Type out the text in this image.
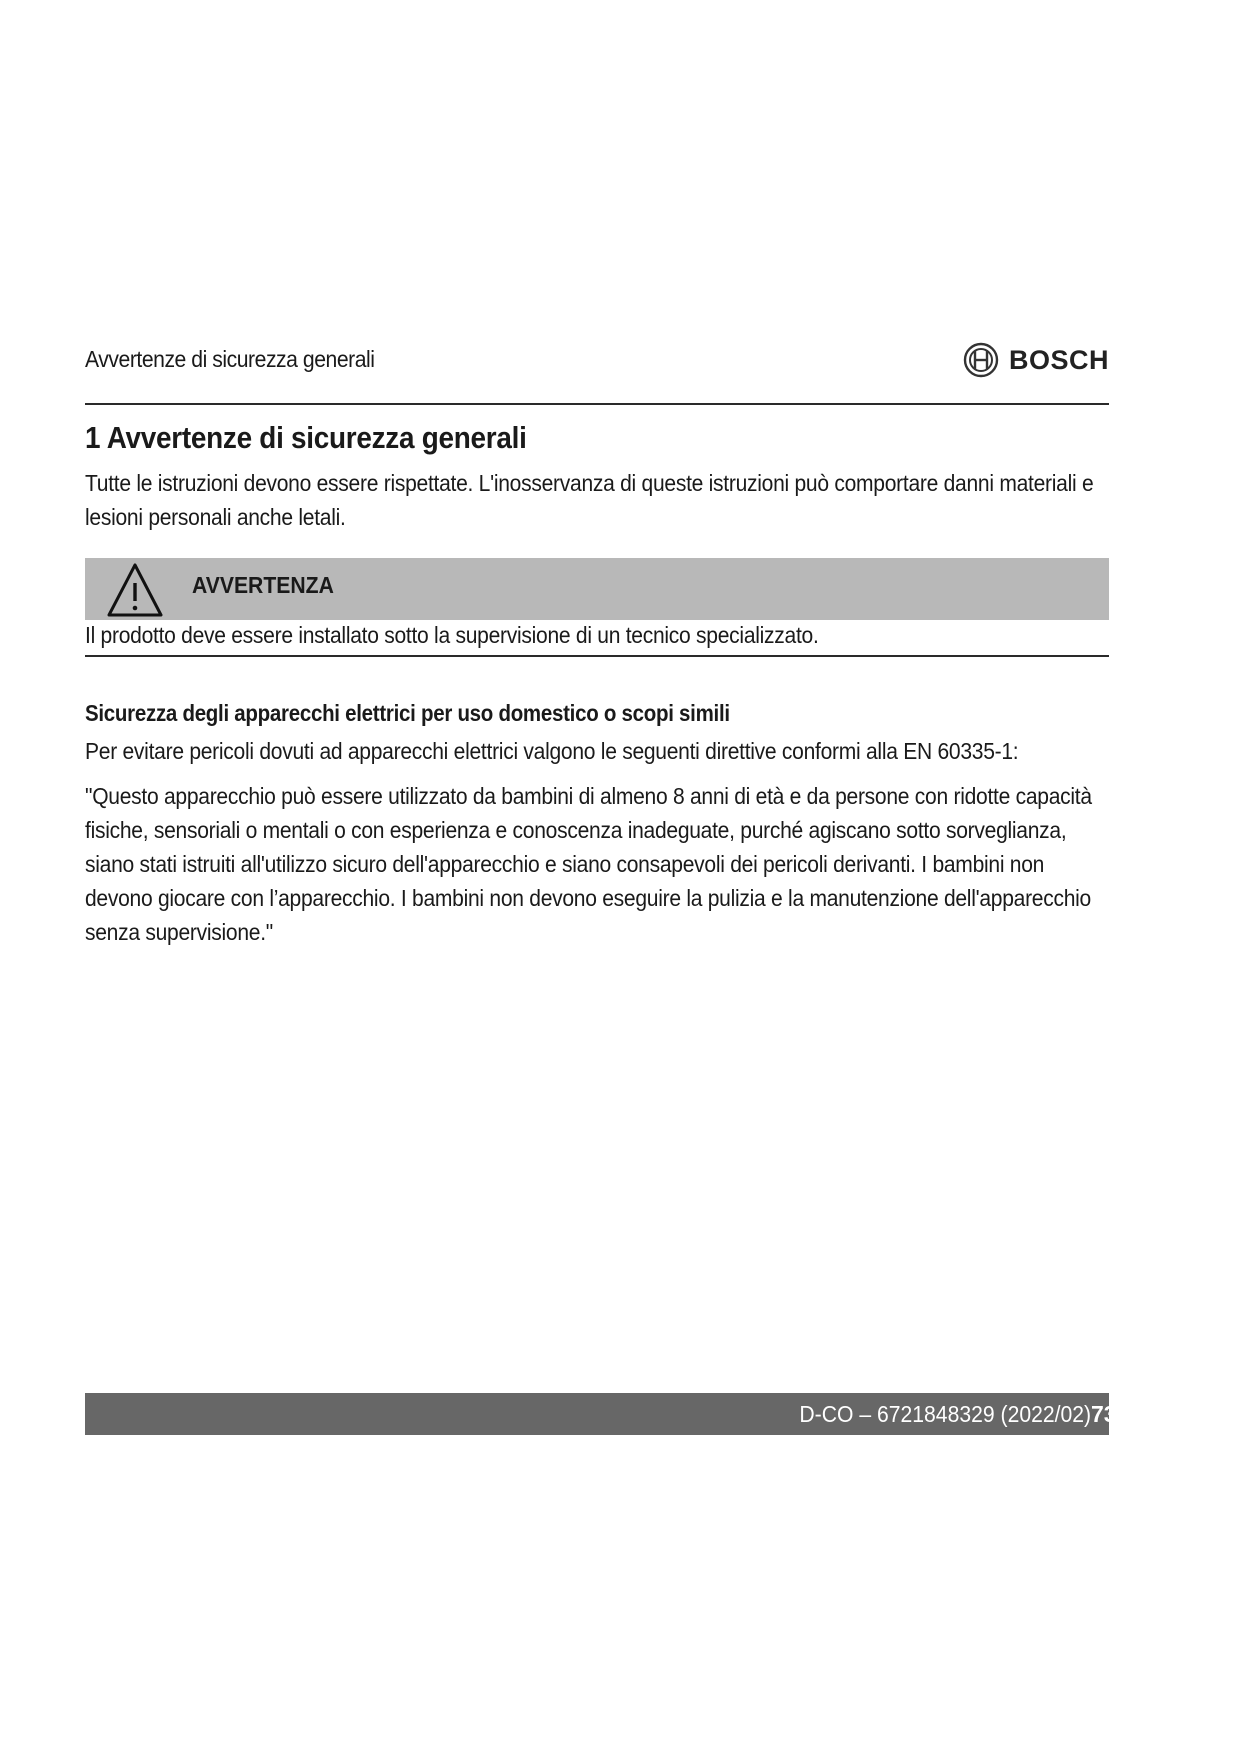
Avvertenze di sicurezza generali	BOSCH
1 Avvertenze di sicurezza generali
Tutte le istruzioni devono essere rispettate. L'inosservanza di queste istruzioni può comportare danni materiali e lesioni personali anche letali.
AVVERTENZA
Il prodotto deve essere installato sotto la supervisione di un tecnico specializzato.
Sicurezza degli apparecchi elettrici per uso domestico o scopi simili
Per evitare pericoli dovuti ad apparecchi elettrici valgono le seguenti direttive conformi alla EN 60335-1:
"Questo apparecchio può essere utilizzato da bambini di almeno 8 anni di età e da persone con ridotte capacità fisiche, sensoriali o mentali o con esperienza e conoscenza inadeguate, purché agiscano sotto sorveglianza, siano stati istruiti all'utilizzo sicuro dell'apparecchio e siano consapevoli dei pericoli derivanti. I bambini non devono giocare con l’apparecchio. I bambini non devono eseguire la pulizia e la manutenzione dell'apparecchio senza supervisione."
D-CO – 6721848329 (2022/02) 73
